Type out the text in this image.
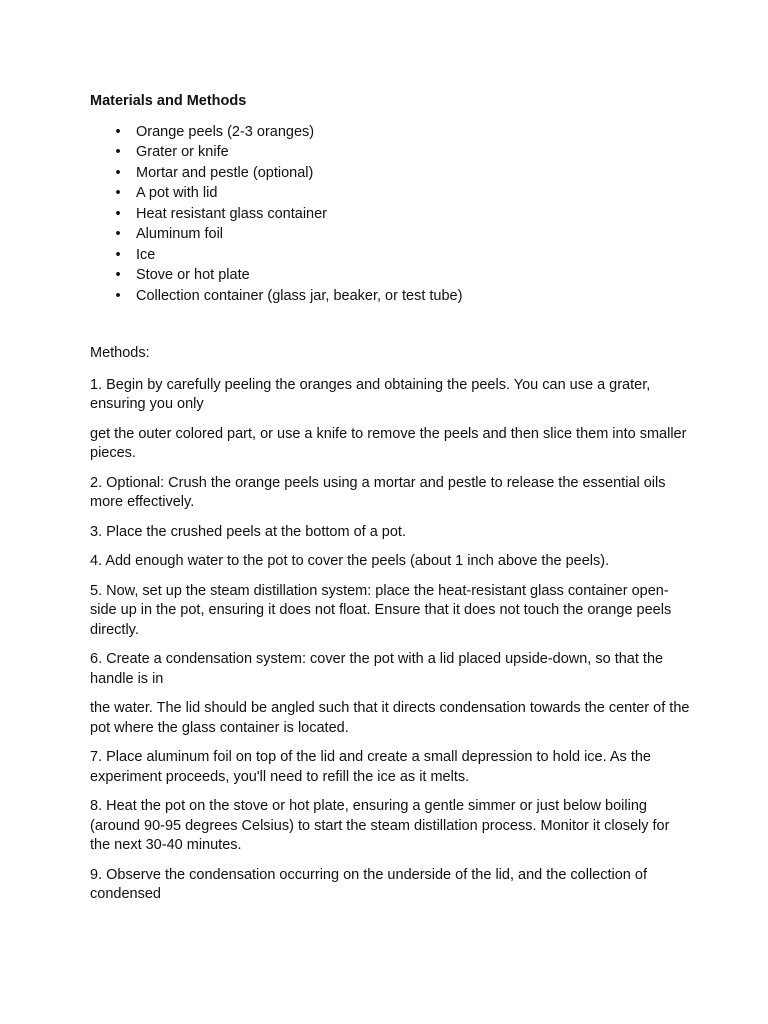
Materials and Methods
• Orange peels (2-3 oranges)
• Grater or knife
• Mortar and pestle (optional)
• A pot with lid
• Heat resistant glass container
• Aluminum foil
• Ice
• Stove or hot plate
• Collection container (glass jar, beaker, or test tube)
Methods:

1. Begin by carefully peeling the oranges and obtaining the peels. You can use a grater, ensuring you only

get the outer colored part, or use a knife to remove the peels and then slice them into smaller pieces.

2. Optional: Crush the orange peels using a mortar and pestle to release the essential oils more effectively.

3. Place the crushed peels at the bottom of a pot.

4. Add enough water to the pot to cover the peels (about 1 inch above the peels).

5. Now, set up the steam distillation system: place the heat-resistant glass container open-side up in the pot, ensuring it does not float. Ensure that it does not touch the orange peels directly.

6. Create a condensation system: cover the pot with a lid placed upside-down, so that the handle is in

the water. The lid should be angled such that it directs condensation towards the center of the pot where the glass container is located.

7. Place aluminum foil on top of the lid and create a small depression to hold ice. As the experiment proceeds, you'll need to refill the ice as it melts.

8. Heat the pot on the stove or hot plate, ensuring a gentle simmer or just below boiling (around 90-95 degrees Celsius) to start the steam distillation process. Monitor it closely for the next 30-40 minutes.

9. Observe the condensation occurring on the underside of the lid, and the collection of condensed
